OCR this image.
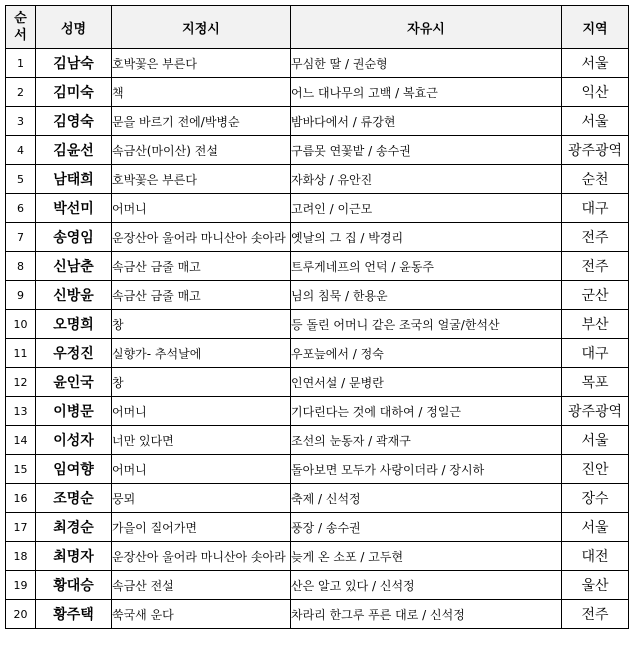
순서	성명	지정시	자유시	지역
1	김남숙	호박꽃은 부른다	무심한 딸 / 권순형	서울
2	김미숙	책	어느 대나무의 고백 / 복효근	익산
3	김영숙	문을 바르기 전에/박병순	밤바다에서 / 류강현	서울
4	김윤선	속금산(마이산) 전설	구름못 연꽃밭 / 송수권	광주광역
5	남태희	호박꽃은 부른다	자화상 / 유안진	순천
6	박선미	어머니	고려인 / 이근모	대구
7	송영임	운장산아 울어라 마니산아 솟아라	옛날의 그 집 / 박경리	전주
8	신남춘	속금산 금줄 매고	트루게네프의 언덕 / 윤동주	전주
9	신방윤	속금산 금줄 매고	님의 침묵 / 한용운	군산
10	오명희	창	등 돌린 어머니 같은 조국의 얼굴/한석산	부산
11	우정진	실향가- 추석날에	우포늪에서 / 정숙	대구
12	윤인국	창	인연서설 / 문병란	목포
13	이병문	어머니	기다린다는 것에 대하여 / 정일근	광주광역
14	이성자	너만 있다면	조선의 눈동자 / 곽재구	서울
15	임여향	어머니	돌아보면 모두가 사랑이더라 / 장시하	진안
16	조명순	뭉뫼	축제 / 신석정	장수
17	최경순	가을이 질어가면	풍장 / 송수권	서울
18	최명자	운장산아 울어라 마니산아 솟아라	늦게 온 소포 / 고두현	대전
19	황대승	속금산 전설	산은 알고 있다 / 신석정	울산
20	황주택	쑥국새 운다	차라리 한그루 푸른 대로 / 신석정	전주
